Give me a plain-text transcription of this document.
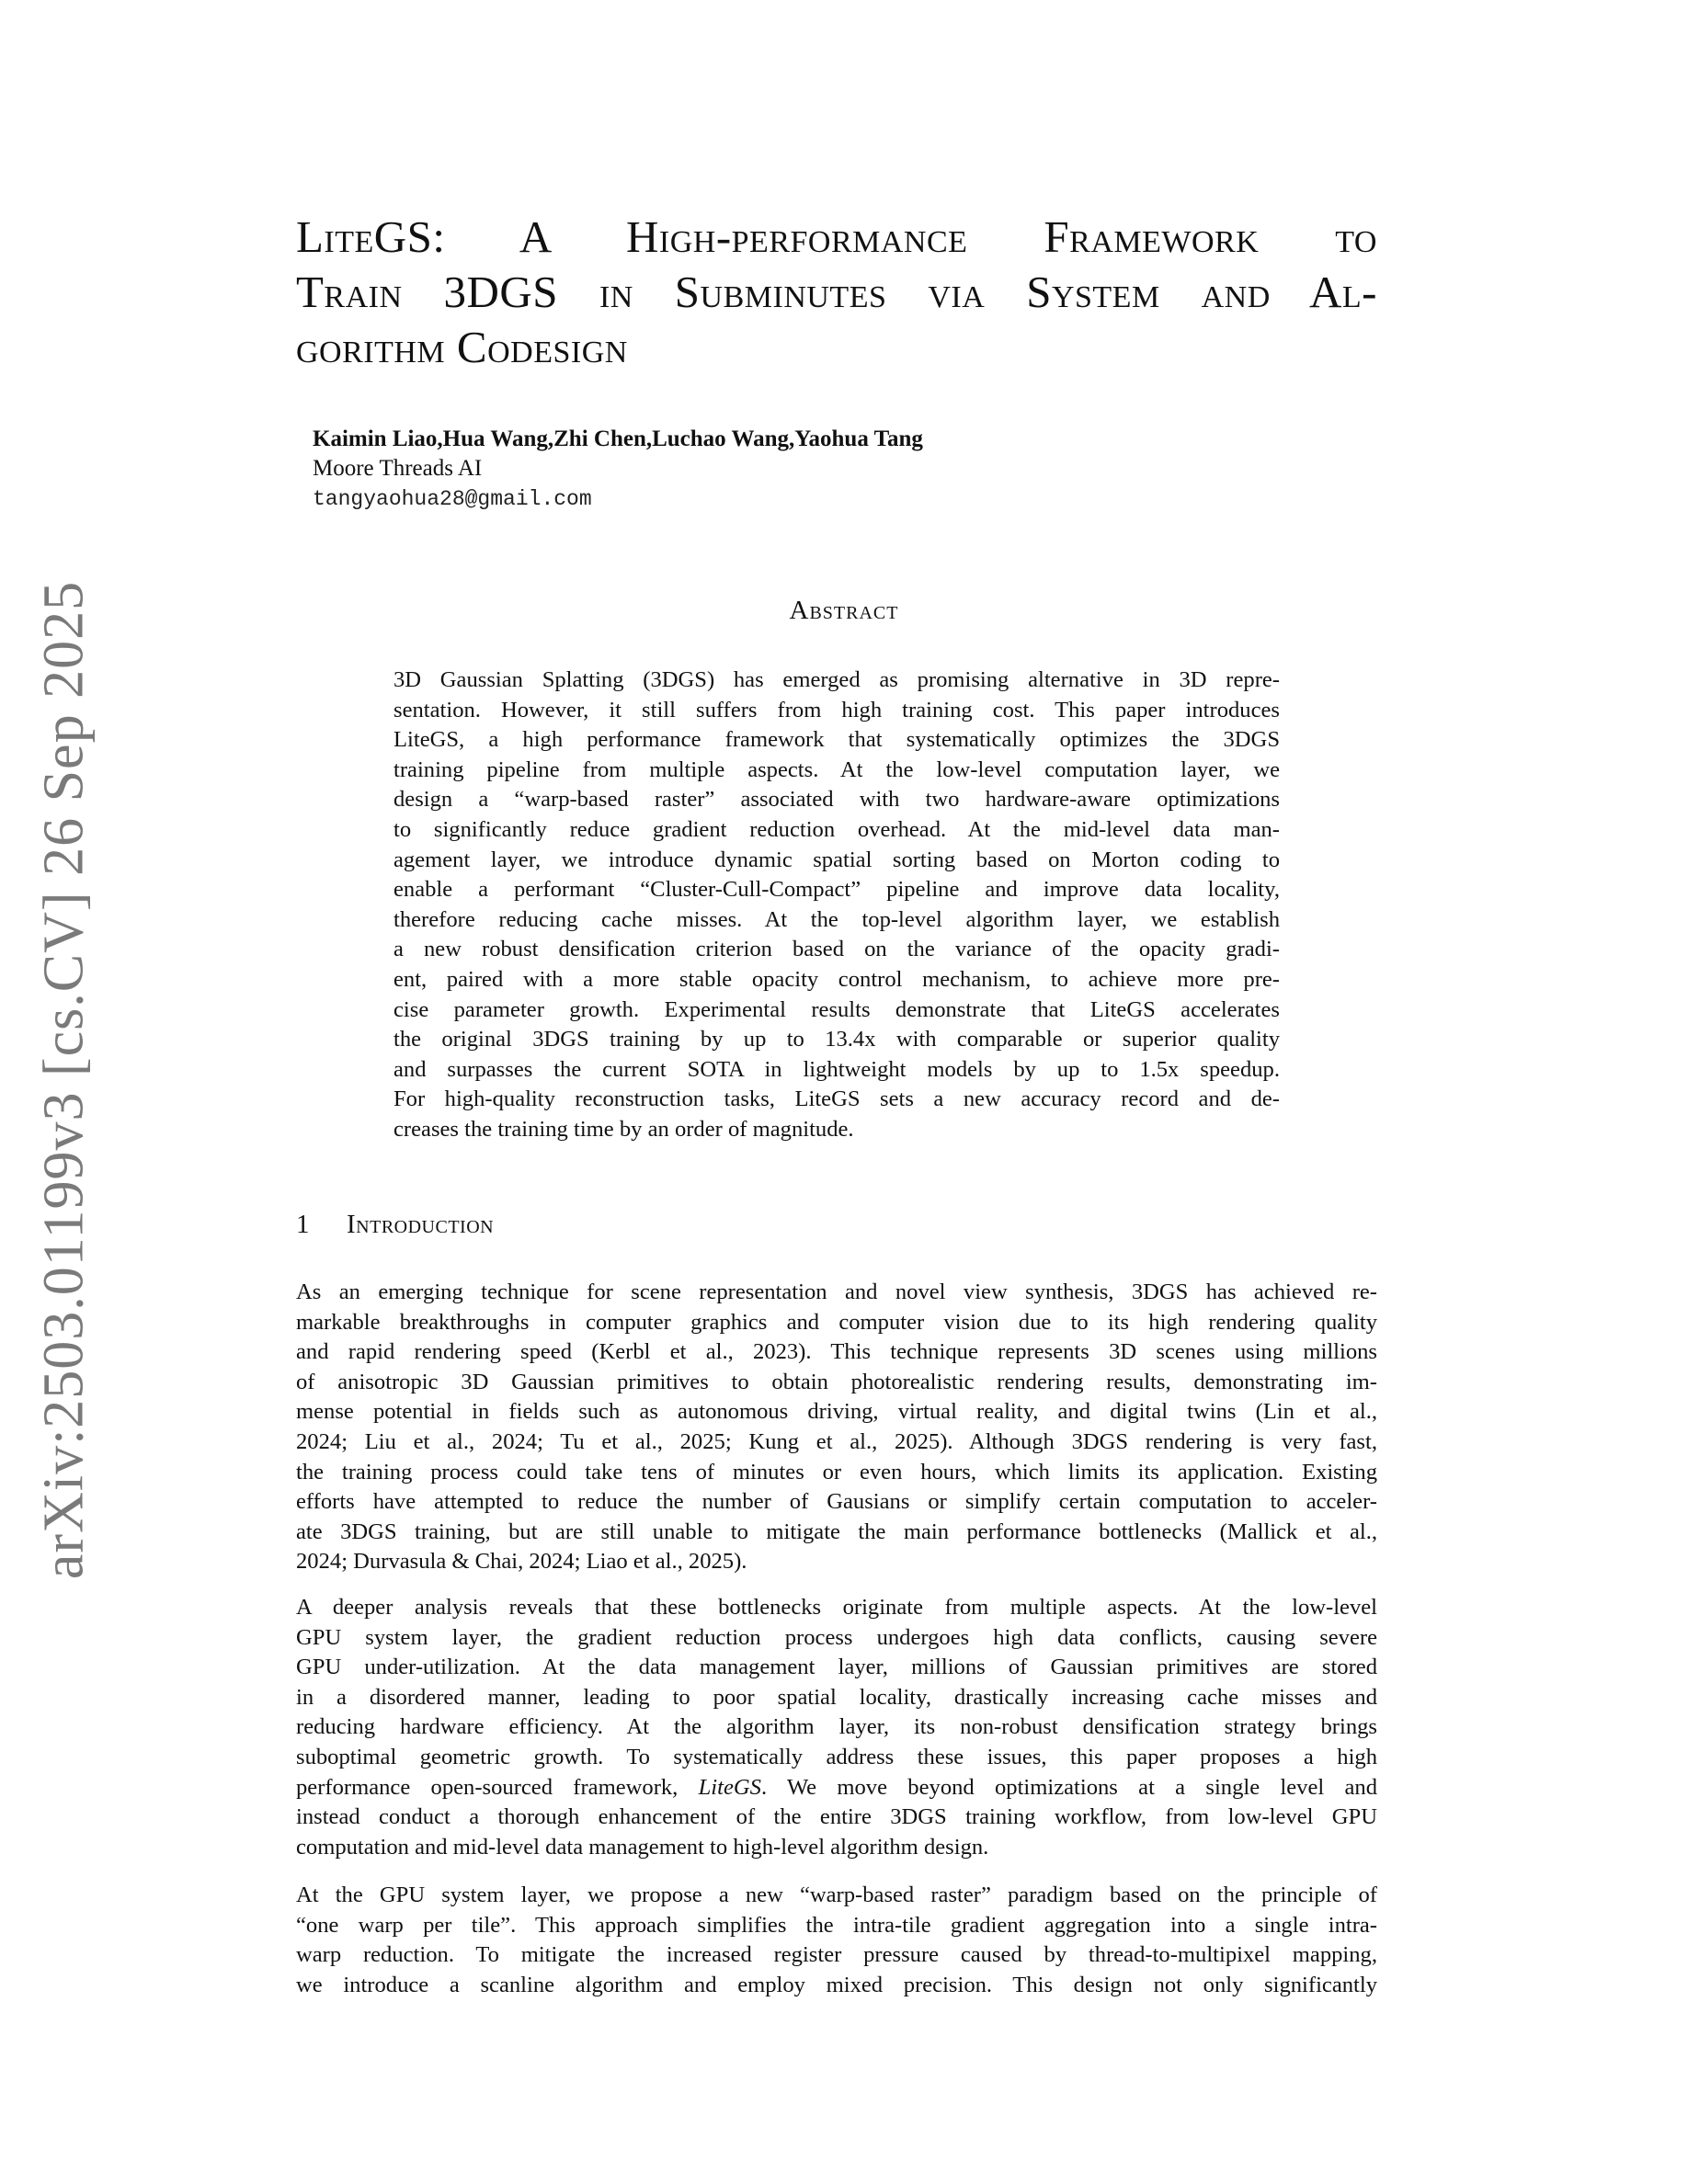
arXiv:2503.01199v3 [cs.CV] 26 Sep 2025
LiteGS: A High-performance Framework to
Train 3DGS in Subminutes via System and Al-
gorithm Codesign
Kaimin Liao,Hua Wang,Zhi Chen,Luchao Wang,Yaohua Tang
Moore Threads AI
tangyaohua28@gmail.com
Abstract
3D Gaussian Splatting (3DGS) has emerged as promising alternative in 3D repre-
sentation. However, it still suffers from high training cost. This paper introduces
LiteGS, a high performance framework that systematically optimizes the 3DGS
training pipeline from multiple aspects. At the low-level computation layer, we
design a “warp-based raster” associated with two hardware-aware optimizations
to significantly reduce gradient reduction overhead. At the mid-level data man-
agement layer, we introduce dynamic spatial sorting based on Morton coding to
enable a performant “Cluster-Cull-Compact” pipeline and improve data locality,
therefore reducing cache misses. At the top-level algorithm layer, we establish
a new robust densification criterion based on the variance of the opacity gradi-
ent, paired with a more stable opacity control mechanism, to achieve more pre-
cise parameter growth. Experimental results demonstrate that LiteGS accelerates
the original 3DGS training by up to 13.4x with comparable or superior quality
and surpasses the current SOTA in lightweight models by up to 1.5x speedup.
For high-quality reconstruction tasks, LiteGS sets a new accuracy record and de-
creases the training time by an order of magnitude.
1 Introduction
As an emerging technique for scene representation and novel view synthesis, 3DGS has achieved re-
markable breakthroughs in computer graphics and computer vision due to its high rendering quality
and rapid rendering speed (Kerbl et al., 2023). This technique represents 3D scenes using millions
of anisotropic 3D Gaussian primitives to obtain photorealistic rendering results, demonstrating im-
mense potential in fields such as autonomous driving, virtual reality, and digital twins (Lin et al.,
2024; Liu et al., 2024; Tu et al., 2025; Kung et al., 2025). Although 3DGS rendering is very fast,
the training process could take tens of minutes or even hours, which limits its application. Existing
efforts have attempted to reduce the number of Gausians or simplify certain computation to acceler-
ate 3DGS training, but are still unable to mitigate the main performance bottlenecks (Mallick et al.,
2024; Durvasula & Chai, 2024; Liao et al., 2025).
A deeper analysis reveals that these bottlenecks originate from multiple aspects. At the low-level
GPU system layer, the gradient reduction process undergoes high data conflicts, causing severe
GPU under-utilization. At the data management layer, millions of Gaussian primitives are stored
in a disordered manner, leading to poor spatial locality, drastically increasing cache misses and
reducing hardware efficiency. At the algorithm layer, its non-robust densification strategy brings
suboptimal geometric growth. To systematically address these issues, this paper proposes a high
performance open-sourced framework, LiteGS. We move beyond optimizations at a single level and
instead conduct a thorough enhancement of the entire 3DGS training workflow, from low-level GPU
computation and mid-level data management to high-level algorithm design.
At the GPU system layer, we propose a new “warp-based raster” paradigm based on the principle of
“one warp per tile”. This approach simplifies the intra-tile gradient aggregation into a single intra-
warp reduction. To mitigate the increased register pressure caused by thread-to-multipixel mapping,
we introduce a scanline algorithm and employ mixed precision. This design not only significantly
